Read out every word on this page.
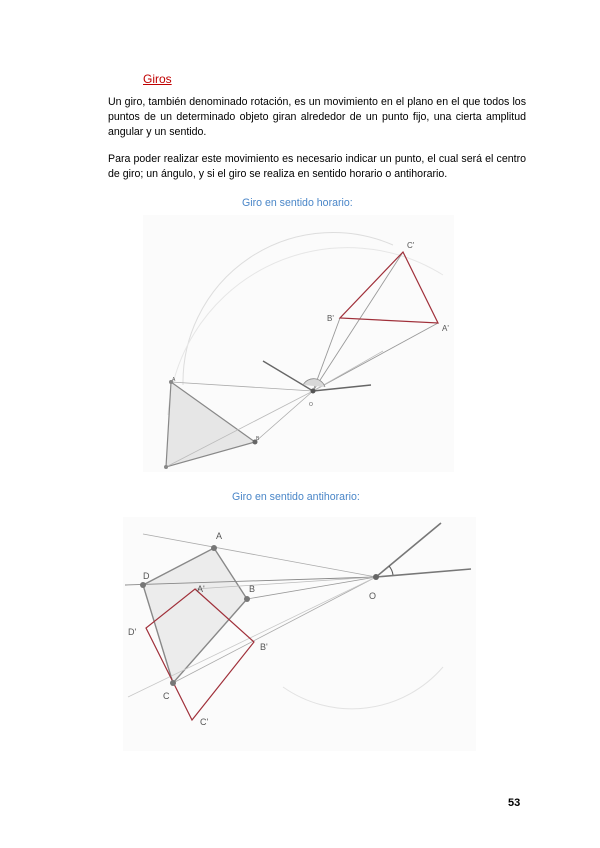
Giros

Un giro, también denominado rotación, es un movimiento en el plano en el que todos los puntos de un determinado objeto giran alrededor de un punto fijo, una cierta amplitud angular y un sentido.

Para poder realizar este movimiento es necesario indicar un punto, el cual será el centro de giro; un ángulo, y si el giro se realiza en sentido horario o antihorario.

Giro en sentido horario:
C'
B'
A'
A
B
O
Giro en sentido antihorario:
A
D
A'	B
O
D'
B'
C
C'
53
